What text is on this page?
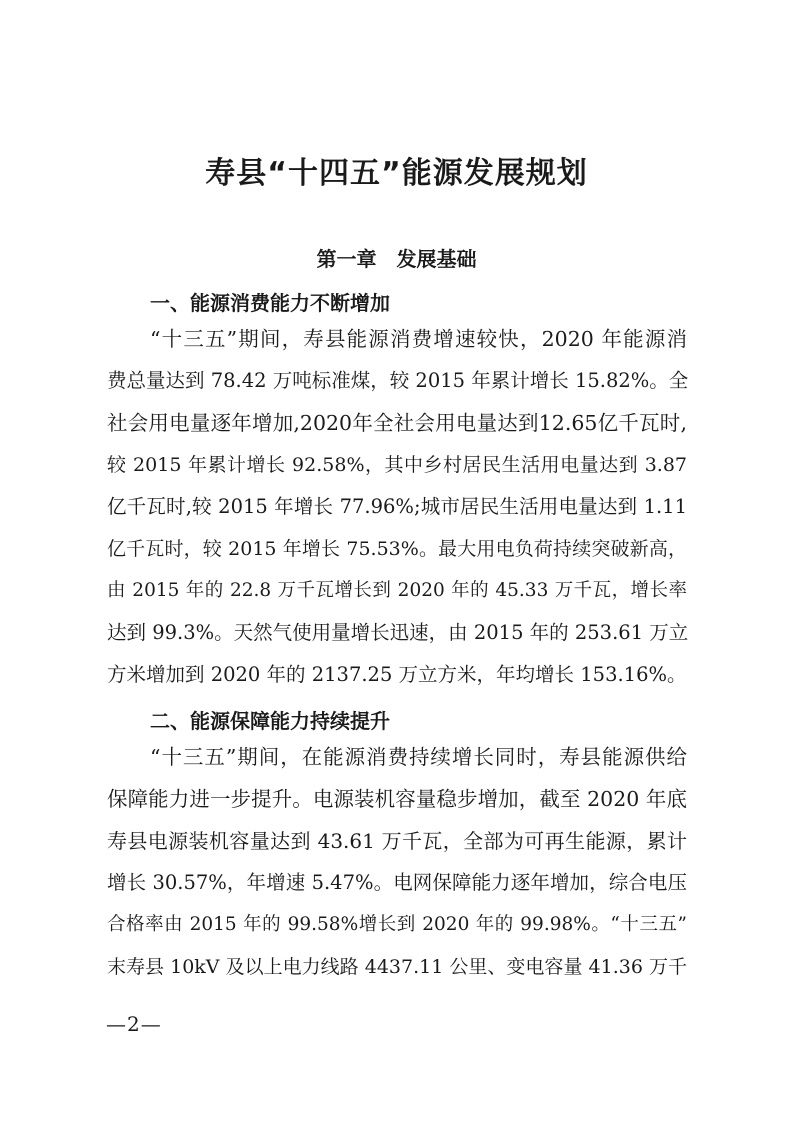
寿县“十四五”能源发展规划
第一章　发展基础
一、能源消费能力不断增加
“十三五”期间，寿县能源消费增速较快，2020 年能源消
费总量达到 78.42 万吨标准煤，较 2015 年累计增长 15.82%。全
社会用电量逐年增加,2020年全社会用电量达到12.65亿千瓦时,
较 2015 年累计增长 92.58%，其中乡村居民生活用电量达到 3.87
亿千瓦时,较 2015 年增长 77.96%;城市居民生活用电量达到 1.11
亿千瓦时，较 2015 年增长 75.53%。最大用电负荷持续突破新高，
由 2015 年的 22.8 万千瓦增长到 2020 年的 45.33 万千瓦，增长率
达到 99.3%。天然气使用量增长迅速，由 2015 年的 253.61 万立
方米增加到 2020 年的 2137.25 万立方米，年均增长 153.16%。
二、能源保障能力持续提升
“十三五”期间，在能源消费持续增长同时，寿县能源供给
保障能力进一步提升。电源装机容量稳步增加，截至 2020 年底
寿县电源装机容量达到 43.61 万千瓦，全部为可再生能源，累计
增长 30.57%，年增速 5.47%。电网保障能力逐年增加，综合电压
合格率由 2015 年的 99.58%增长到 2020 年的 99.98%。“十三五”
末寿县 10kV 及以上电力线路 4437.11 公里、变电容量 41.36 万千
—2—
